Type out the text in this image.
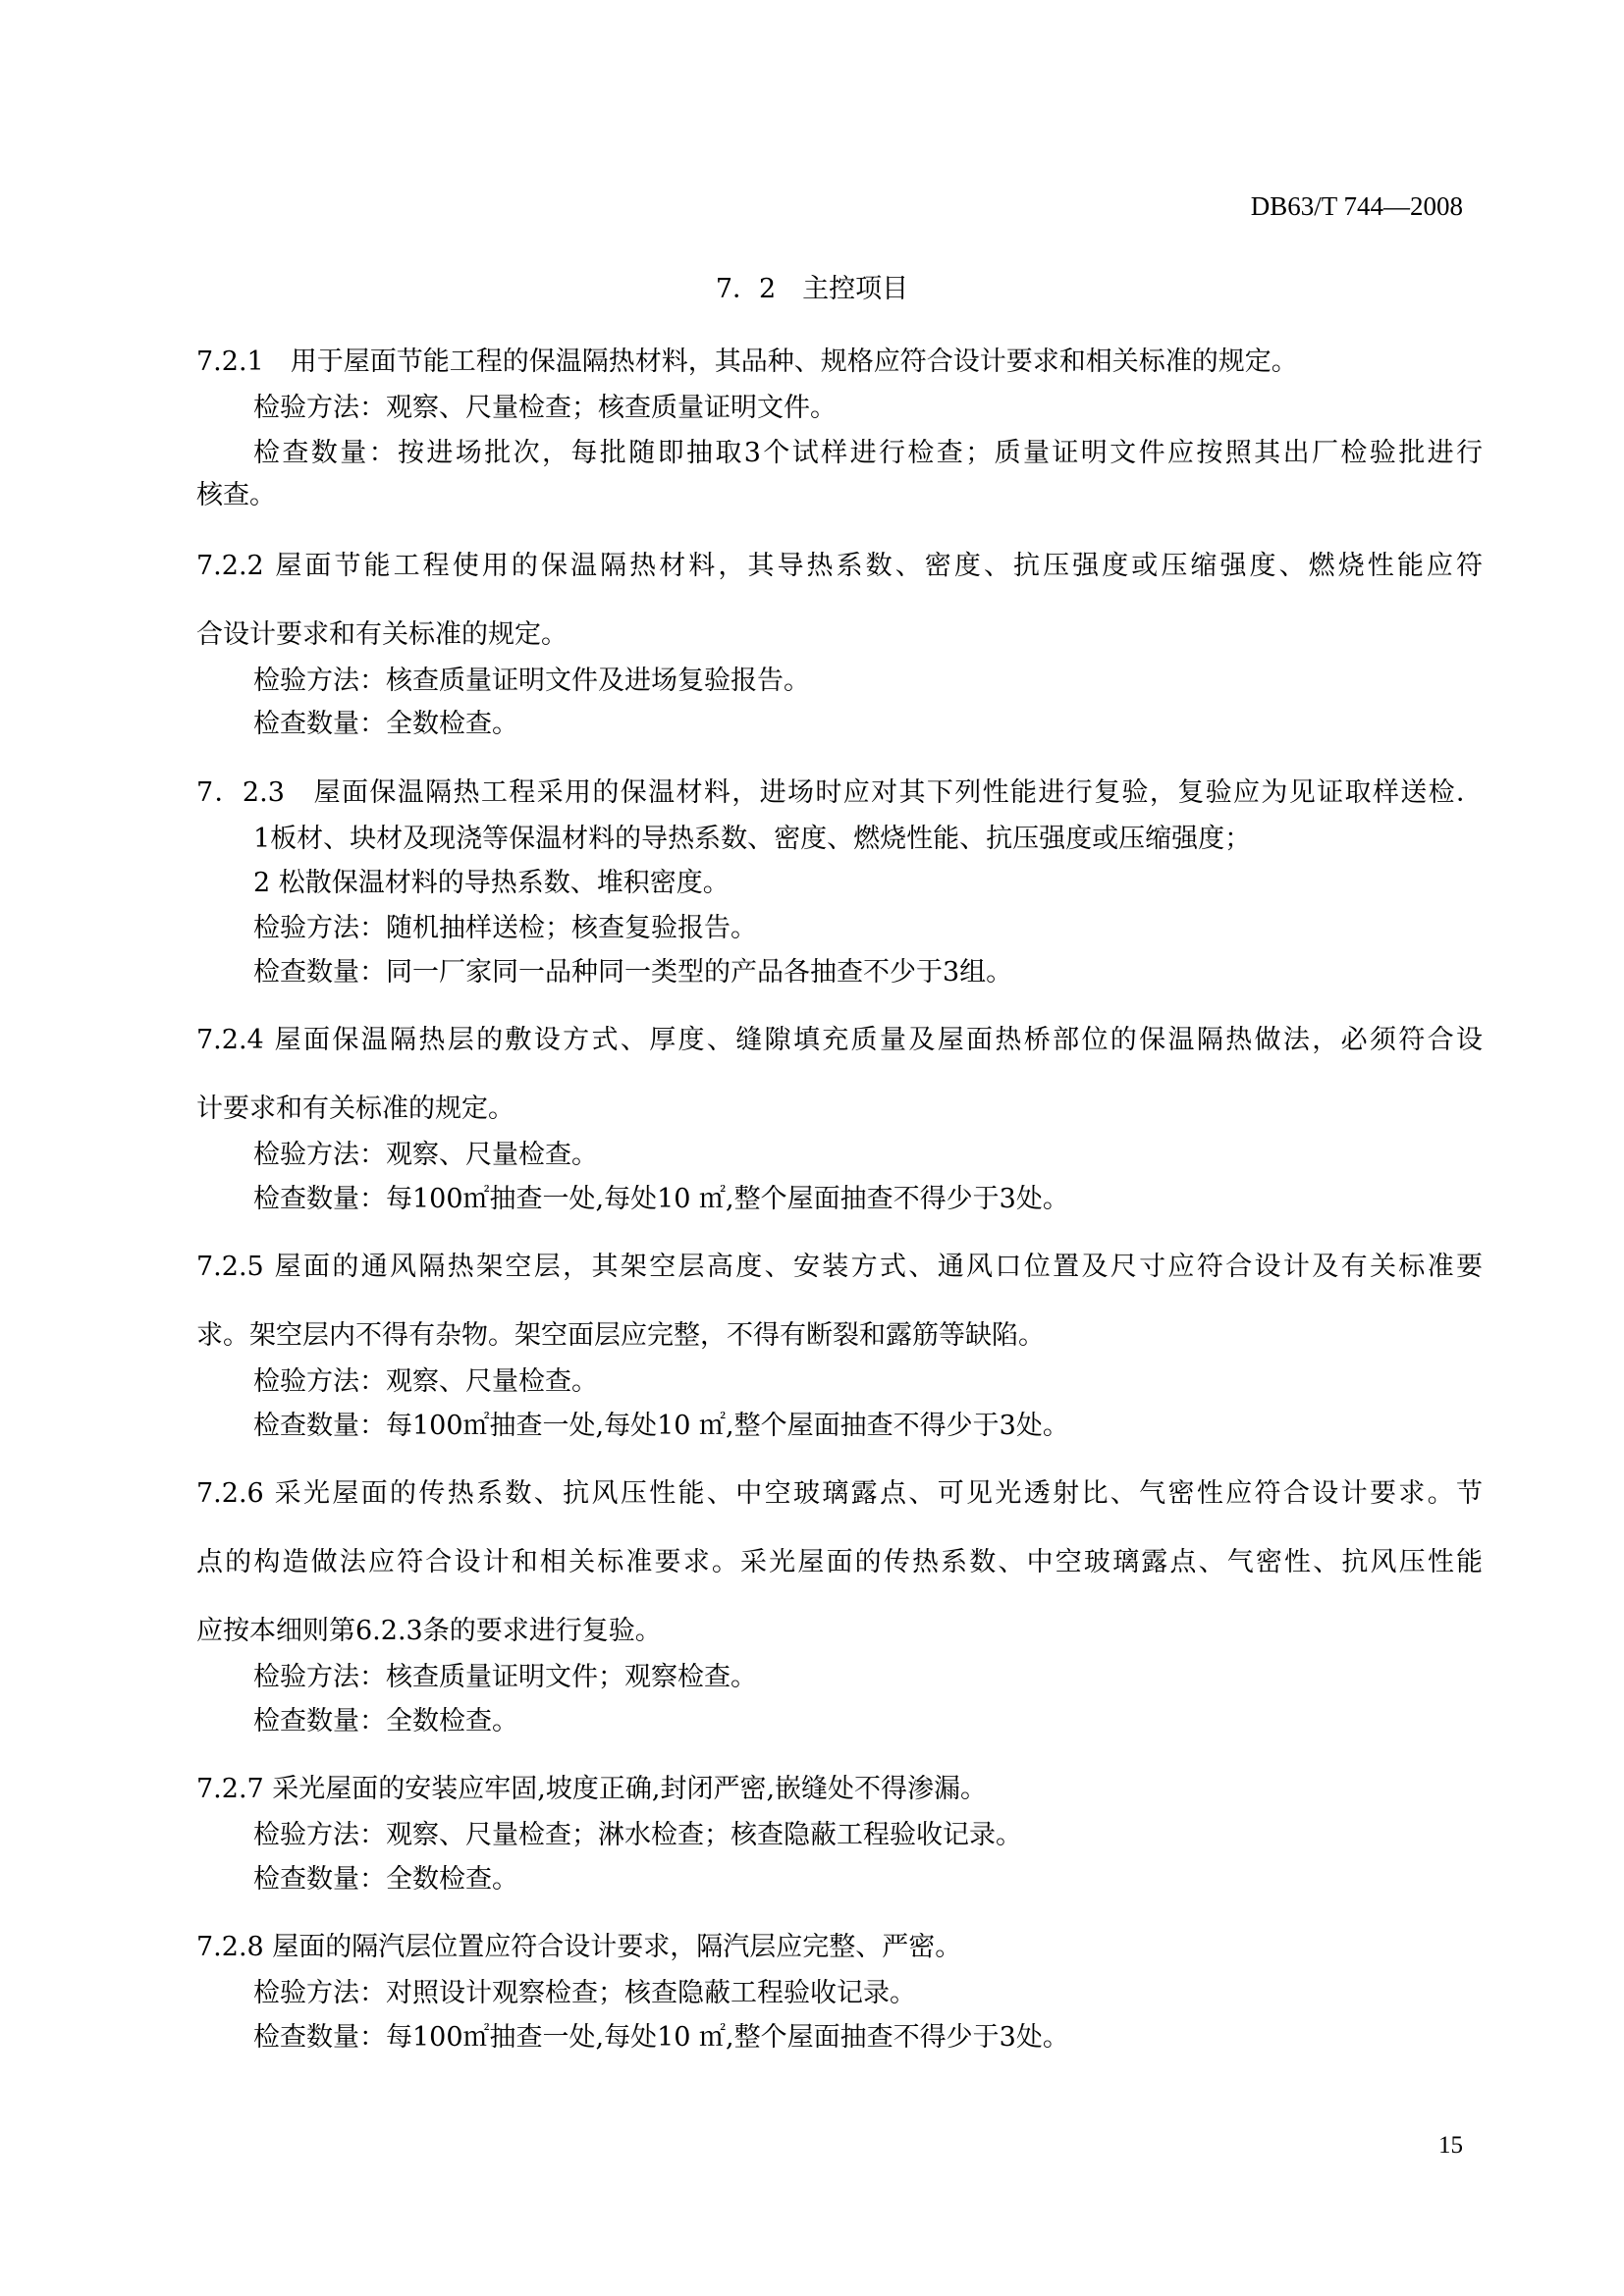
DB63/T 744—2008
7．2　主控项目
7.2.1　用于屋面节能工程的保温隔热材料，其品种、规格应符合设计要求和相关标准的规定。
检验方法：观察、尺量检查；核查质量证明文件。
检查数量：按进场批次，每批随即抽取3个试样进行检查；质量证明文件应按照其出厂检验批进行
核查。
7.2.2 屋面节能工程使用的保温隔热材料，其导热系数、密度、抗压强度或压缩强度、燃烧性能应符
合设计要求和有关标准的规定。
检验方法：核查质量证明文件及进场复验报告。
检查数量：全数检查。
7．2.3　屋面保温隔热工程采用的保温材料，进场时应对其下列性能进行复验，复验应为见证取样送检．
1板材、块材及现浇等保温材料的导热系数、密度、燃烧性能、抗压强度或压缩强度；
2 松散保温材料的导热系数、堆积密度。
检验方法：随机抽样送检；核查复验报告。
检查数量：同一厂家同一品种同一类型的产品各抽查不少于3组。
7.2.4 屋面保温隔热层的敷设方式、厚度、缝隙填充质量及屋面热桥部位的保温隔热做法，必须符合设
计要求和有关标准的规定。
检验方法：观察、尺量检查。
检查数量：每100㎡抽查一处,每处10 ㎡,整个屋面抽查不得少于3处。
7.2.5 屋面的通风隔热架空层，其架空层高度、安装方式、通风口位置及尺寸应符合设计及有关标准要
求。架空层内不得有杂物。架空面层应完整，不得有断裂和露筋等缺陷。
检验方法：观察、尺量检查。
检查数量：每100㎡抽查一处,每处10 ㎡,整个屋面抽查不得少于3处。
7.2.6 采光屋面的传热系数、抗风压性能、中空玻璃露点、可见光透射比、气密性应符合设计要求。节
点的构造做法应符合设计和相关标准要求。采光屋面的传热系数、中空玻璃露点、气密性、抗风压性能
应按本细则第6.2.3条的要求进行复验。
检验方法：核查质量证明文件；观察检查。
检查数量：全数检查。
7.2.7 采光屋面的安装应牢固,坡度正确,封闭严密,嵌缝处不得渗漏。
检验方法：观察、尺量检查；淋水检查；核查隐蔽工程验收记录。
检查数量：全数检查。
7.2.8 屋面的隔汽层位置应符合设计要求，隔汽层应完整、严密。
检验方法：对照设计观察检查；核查隐蔽工程验收记录。
检查数量：每100㎡抽查一处,每处10 ㎡,整个屋面抽查不得少于3处。
15
